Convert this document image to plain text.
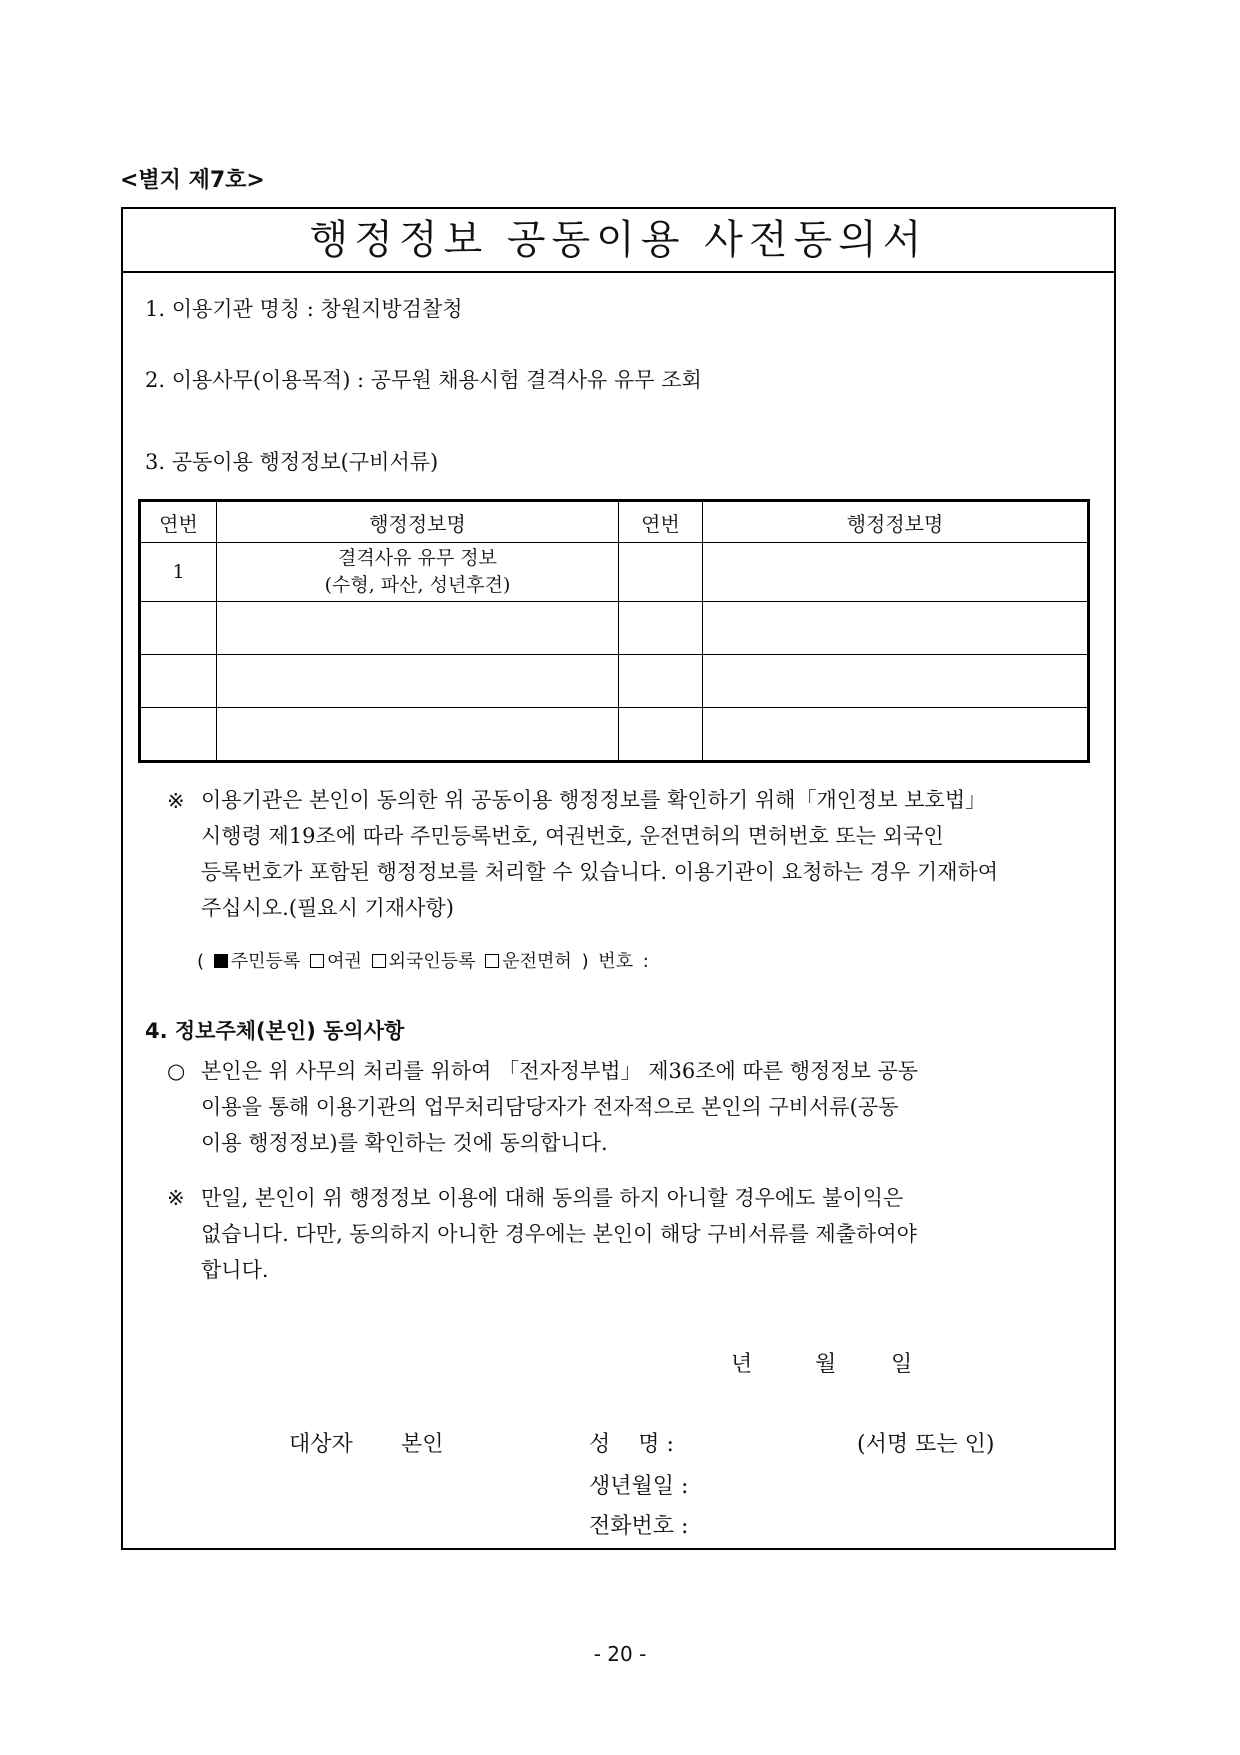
<별지 제7호>
행정정보 공동이용 사전동의서
1. 이용기관 명칭 : 창원지방검찰청
2. 이용사무(이용목적) : 공무원 채용시험 결격사유 유무 조회
3. 공동이용 행정정보(구비서류)
연번	행정정보명	연번	행정정보명
1	결격사유 유무 정보
(수형, 파산, 성년후견)		

※ 이용기관은 본인이 동의한 위 공동이용 행정정보를 확인하기 위해「개인정보 보호법」
시행령 제19조에 따라 주민등록번호, 여권번호, 운전면허의 면허번호 또는 외국인
등록번호가 포함된 행정정보를 처리할 수 있습니다. 이용기관이 요청하는 경우 기재하여
주십시오.(필요시 기재사항)
( 주민등록 여권 외국인등록 운전면허 ) 번호 :
4. 정보주체(본인) 동의사항
○ 본인은 위 사무의 처리를 위하여 「전자정부법」 제36조에 따른 행정정보 공동
이용을 통해 이용기관의 업무처리담당자가 전자적으로 본인의 구비서류(공동
이용 행정정보)를 확인하는 것에 동의합니다.
※ 만일, 본인이 위 행정정보 이용에 대해 동의를 하지 아니할 경우에도 불이익은
없습니다. 다만, 동의하지 아니한 경우에는 본인이 해당 구비서류를 제출하여야
합니다.
년	월 일
대상자 본인	성    명 :	(서명 또는 인)
생년월일 :
전화번호 :
- 20 -
